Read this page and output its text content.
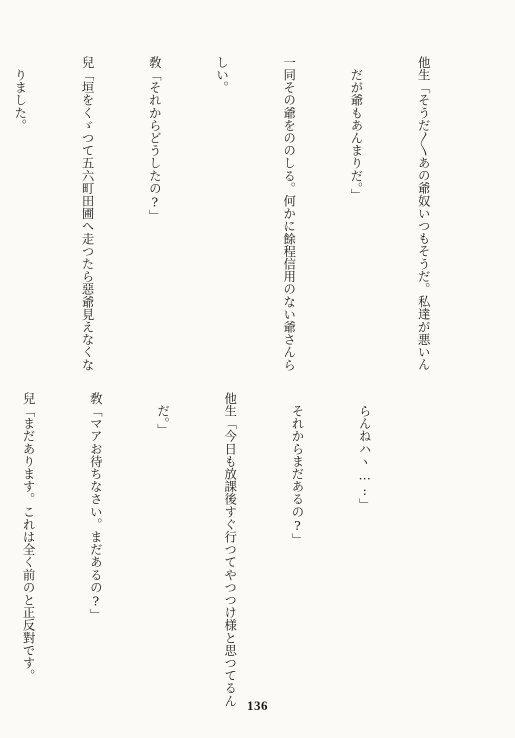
他生「そうだ〳〵あの爺奴いつもそうだ。私達が悪いん

　だが爺もあんまりだ。」

一同その爺をののしる。何かに餘程信用のない爺さんら

しい。

敎「それからどうしたの?」

兒「垣をくゞつて五六町田圃へ走つたら惡爺見えなくな

　りました。

　らんねハヽ…:」

　それからまだあるの?」

他生「今日も放課後すぐ行つてやつつけ様と思つてるん

　だ。」

敎「マアお待ちなさい。まだあるの?」

兒「まだあります。これは全く前のと正反對です。

136
